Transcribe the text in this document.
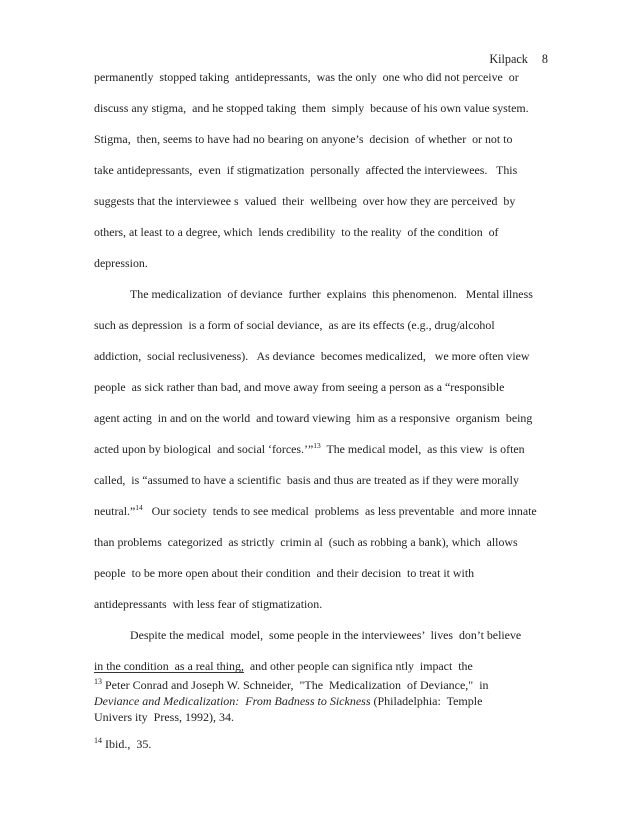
Kilpack 8

permanently  stopped taking  antidepressants,  was the only  one who did not perceive  or
discuss any stigma,  and he stopped taking  them  simply  because of his own value system.
Stigma,  then, seems to have had no bearing on anyone’s  decision  of whether  or not to
take antidepressants,  even  if stigmatization  personally  affected the interviewees.   This
suggests that the interviewee s  valued  their  wellbeing  over how they are perceived  by
others, at least to a degree, which  lends credibility  to the reality  of the condition  of
depression.
The medicalization  of deviance  further  explains  this phenomenon.   Mental illness
such as depression  is a form of social deviance,  as are its effects (e.g., drug/alcohol
addiction,  social reclusiveness).   As deviance  becomes medicalized,   we more often view
people  as sick rather than bad, and move away from seeing a person as a “responsible
agent acting  in and on the world  and toward viewing  him as a responsive  organism  being
acted upon by biological  and social ‘forces.’”$^{13}$  The medical model,  as this view  is often
called,  is “assumed to have a scientific  basis and thus are treated as if they were morally
neutral.”$^{14}$   Our society  tends to see medical  problems  as less preventable  and more innate
than problems  categorized  as strictly  crimin al  (such as robbing a bank), which  allows
people  to be more open about their condition  and their decision  to treat it with
antidepressants  with less fear of stigmatization.
Despite the medical  model,  some people in the interviewees’  lives  don’t believe
in the condition  as a real thing,  and other people can significa ntly  impact  the
$^{13}$ Peter Conrad and Joseph W. Schneider,  "The  Medicalization  of Deviance,"  in
Deviance and Medicalization:  From Badness to Sickness (Philadelphia:  Temple
Univers ity  Press, 1992), 34.
$^{14}$ Ibid.,  35.
